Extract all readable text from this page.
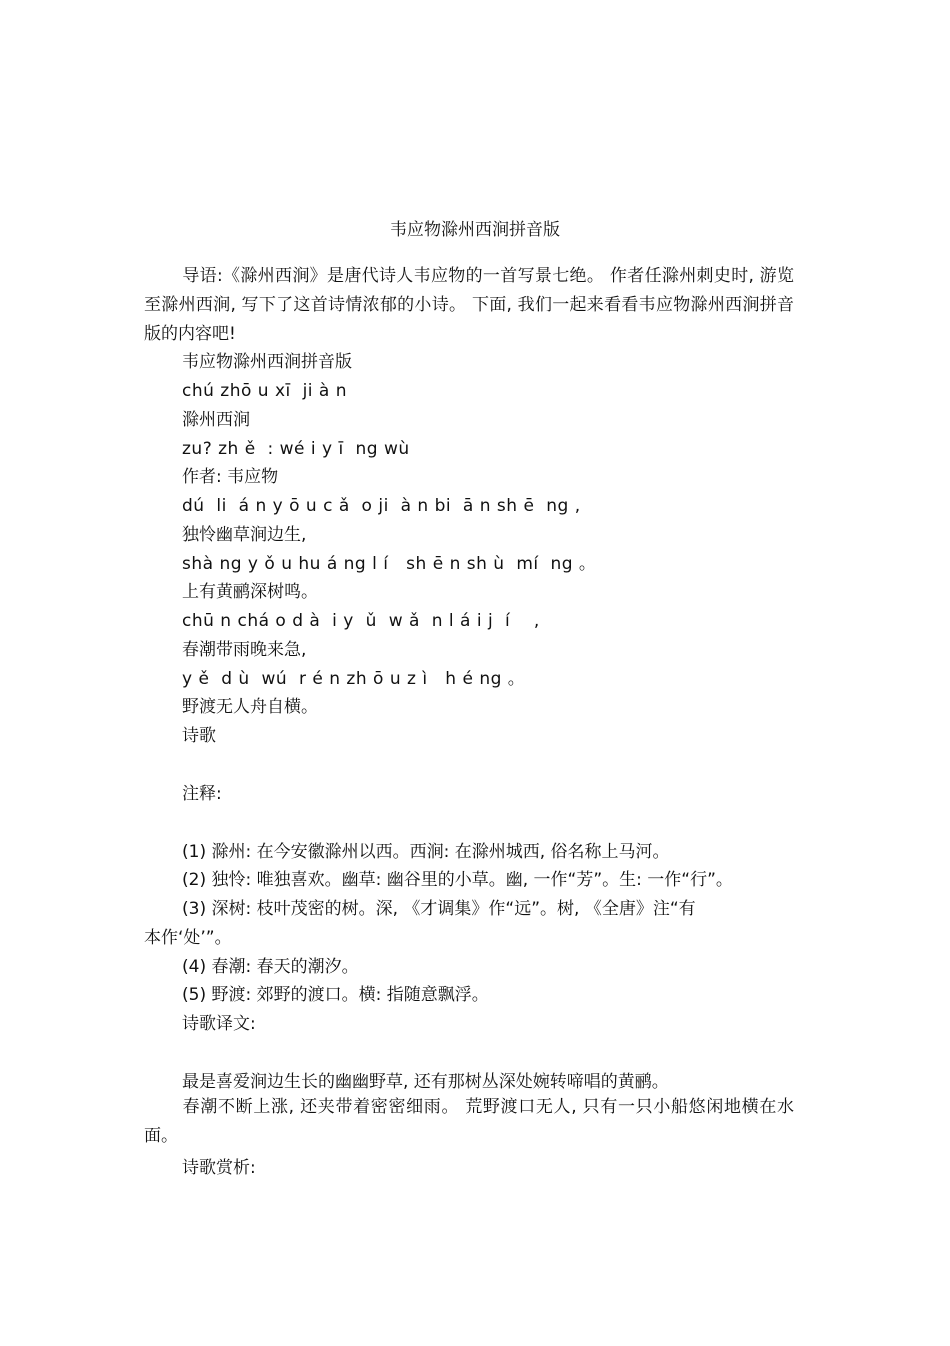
韦应物滁州西涧拼音版
导语:《滁州西涧》是唐代诗人韦应物的一首写景七绝。 作者任滁州刺史时, 游览至滁州西涧, 写下了这首诗情浓郁的小诗。 下面, 我们一起来看看韦应物滁州西涧拼音版的内容吧!
韦应物滁州西涧拼音版
chú zhō u xī  ji à n
滁州西涧
zu? zh ě  : wé i y ī  ng wù
作者: 韦应物
dú  li  á n y ō u c ǎ  o ji  à n bi  ā n sh ē  ng ,
独怜幽草涧边生,
shà ng y ǒ u hu á ng l í   sh ē n sh ù  mí  ng 。
上有黄鹂深树鸣。
chū n chá o d à  i y  ǔ  w ǎ  n l á i j  í    ,
春潮带雨晚来急,
y ě  d ù  wú  r é n zh ō u z ì   h é ng 。
野渡无人舟自横。
诗歌
注释:
(1) 滁州: 在今安徽滁州以西。西涧: 在滁州城西, 俗名称上马河。
(2) 独怜: 唯独喜欢。幽草: 幽谷里的小草。幽, 一作“芳”。生: 一作“行”。
(3) 深树: 枝叶茂密的树。深, 《才调集》作“远”。树, 《全唐》注“有
本作‘处’”。
(4) 春潮: 春天的潮汐。
(5) 野渡: 郊野的渡口。横: 指随意飘浮。
诗歌译文:
最是喜爱涧边生长的幽幽野草, 还有那树丛深处婉转啼唱的黄鹂。
春潮不断上涨, 还夹带着密密细雨。 荒野渡口无人, 只有一只小船悠闲地横在水面。
诗歌赏析:
